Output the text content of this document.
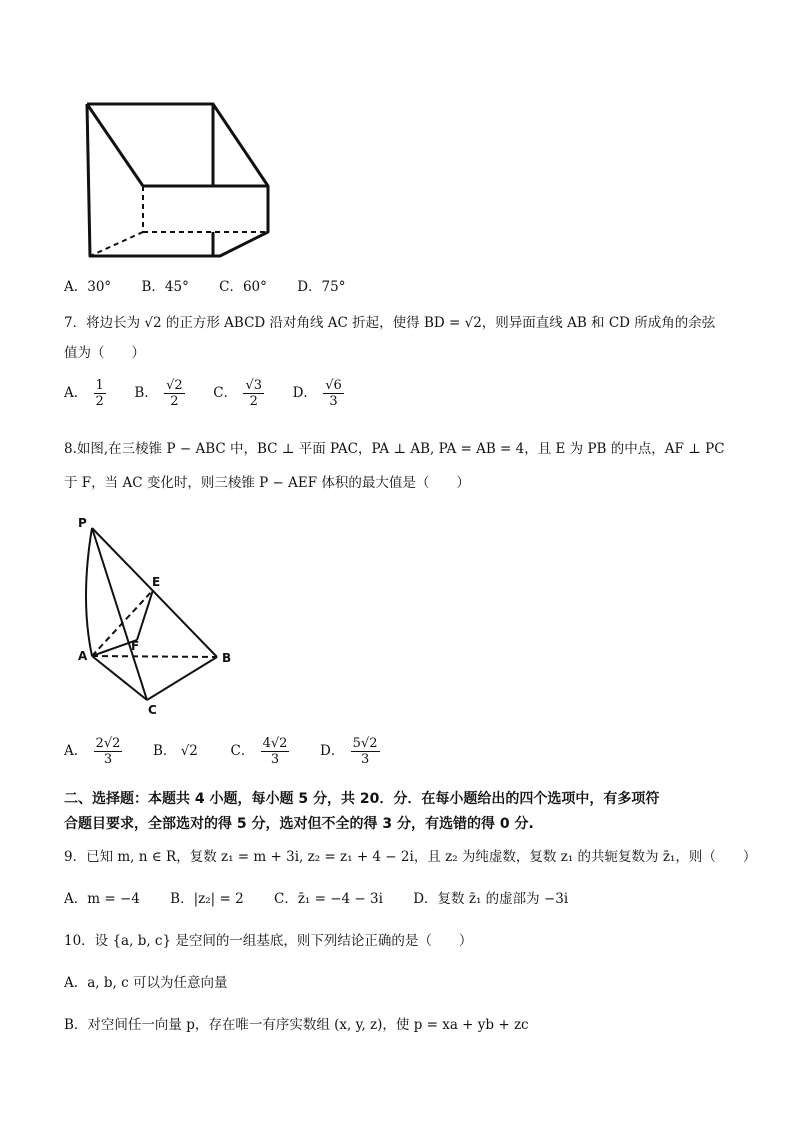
A．30° B．45° C．60° D．75°
7．将边长为 √2 的正方形 ABCD 沿对角线 AC 折起，使得 BD = √2，则异面直线 AB 和 CD 所成角的余弦
值为（　　）
A． $\frac{1}{2}$ B． $\frac{√2}{2}$ C． $\frac{√3}{2}$ D． $\frac{√6}{3}$
8.如图,在三棱锥 P − ABC 中，BC ⊥ 平面 PAC，PA ⊥ AB, PA = AB = 4，且 E 为 PB 的中点，AF ⊥ PC
于 F，当 AC 变化时，则三棱锥 P − AEF 体积的最大值是（　　）
P
E
F
A	B
C
A． $\frac{2√2}{3}$ B． √2 C． $\frac{4√2}{3}$ D． $\frac{5√2}{3}$
二、选择题：本题共 4 小题，每小题 5 分，共 20．分．在每小题给出的四个选项中，有多项符
合题目要求，全部选对的得 5 分，选对但不全的得 3 分，有选错的得 0 分.
9．已知 m, n ∈ R，复数 z₁ = m + 3i, z₂ = z₁ + 4 − 2i，且 z₂ 为纯虚数，复数 z₁ 的共轭复数为 z̄₁，则（　　）
A．m = −4 B．|z₂| = 2 C．z̄₁ = −4 − 3i D．复数 z̄₁ 的虚部为 −3i
10．设 {a, b, c} 是空间的一组基底，则下列结论正确的是（　　）
A．a, b, c 可以为任意向量
B．对空间任一向量 p，存在唯一有序实数组 (x, y, z)，使 p = xa + yb + zc
